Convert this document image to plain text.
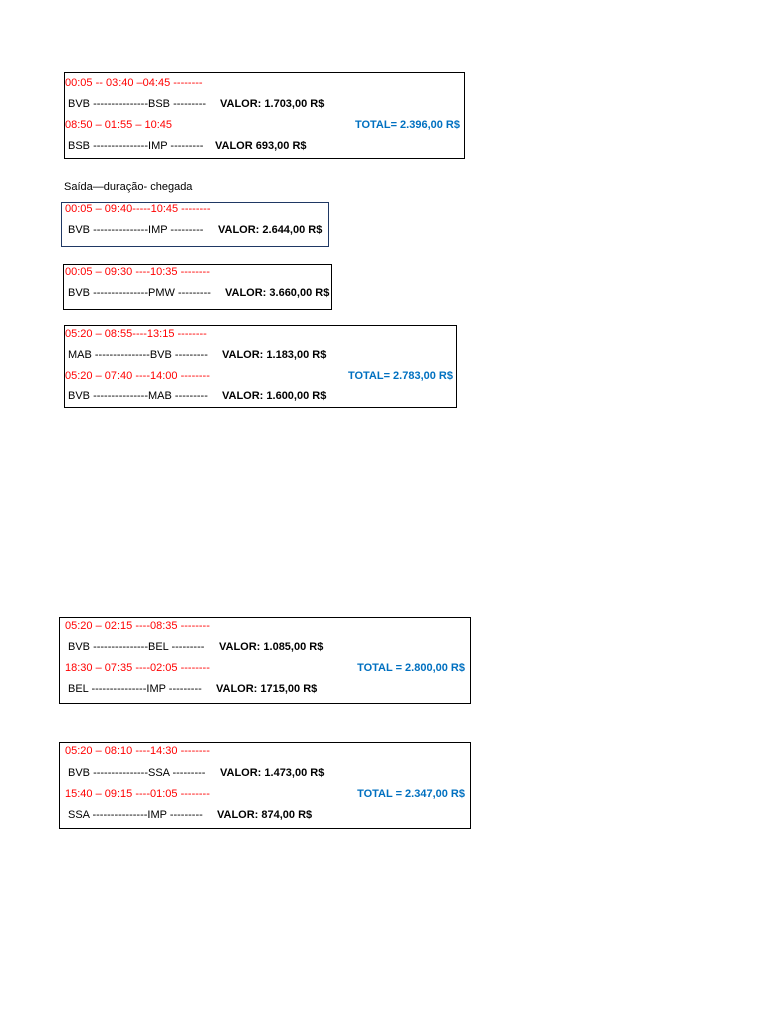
00:05 -- 03:40 –04:45 --------
BVB ---------------BSB --------- VALOR: 1.703,00 R$
08:50 – 01:55 – 10:45	TOTAL= 2.396,00 R$
BSB ---------------IMP --------- VALOR 693,00 R$
Saída—duração- chegada
00:05 – 09:40-----10:45 --------
BVB ---------------IMP --------- VALOR: 2.644,00 R$
00:05 – 09:30 ----10:35 --------
BVB ---------------PMW --------- VALOR: 3.660,00 R$
05:20 – 08:55----13:15 --------
MAB ---------------BVB --------- VALOR: 1.183,00 R$
05:20 – 07:40 ----14:00 --------	TOTAL= 2.783,00 R$
BVB ---------------MAB --------- VALOR: 1.600,00 R$
05:20 – 02:15 ----08:35 --------
BVB ---------------BEL --------- VALOR: 1.085,00 R$
18:30 – 07:35 ----02:05 --------	TOTAL = 2.800,00 R$
BEL ---------------IMP --------- VALOR: 1715,00 R$
05:20 – 08:10 ----14:30 --------
BVB ---------------SSA --------- VALOR: 1.473,00 R$
15:40 – 09:15 ----01:05 --------	TOTAL = 2.347,00 R$
SSA ---------------IMP --------- VALOR: 874,00 R$
